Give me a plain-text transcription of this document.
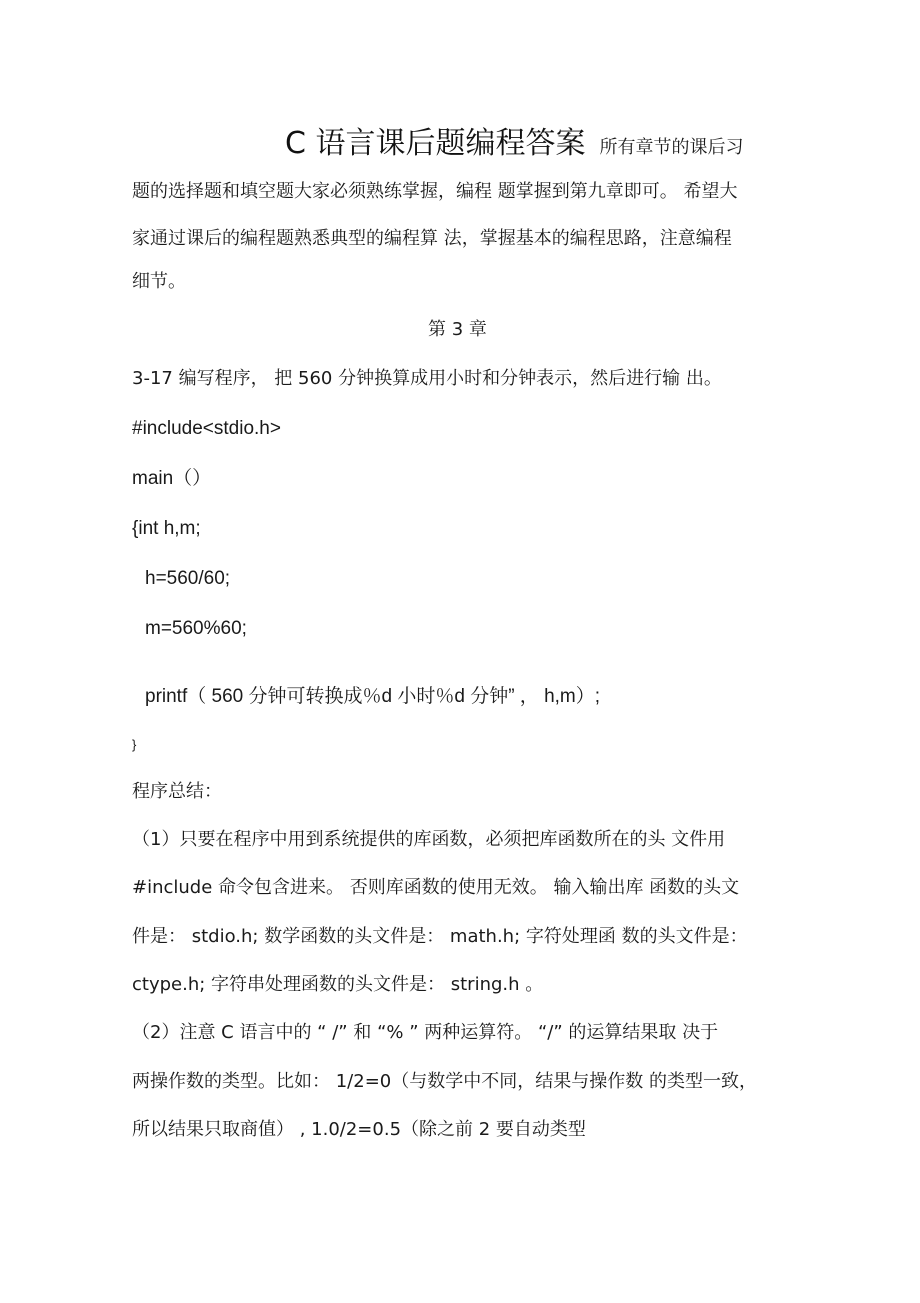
C 语言课后题编程答案 所有章节的课后习
题的选择题和填空题大家必须熟练掌握，编程 题掌握到第九章即可。 希望大
家通过课后的编程题熟悉典型的编程算 法，掌握基本的编程思路，注意编程
细节。
第 3 章
3-17 编写程序， 把 560 分钟换算成用小时和分钟表示，然后进行输 出。
#include<stdio.h>
main（）
{int h,m;
h=560/60;
m=560%60;
printf（ 560 分钟可转换成％d 小时％d 分钟” ， h,m）;
}
程序总结：
（1）只要在程序中用到系统提供的库函数，必须把库函数所在的头 文件用
#include 命令包含进来。 否则库函数的使用无效。 输入输出库 函数的头文
件是： stdio.h; 数学函数的头文件是： math.h; 字符处理函 数的头文件是：
ctype.h; 字符串处理函数的头文件是： string.h 。
（2）注意 C 语言中的 “ /” 和 “% ” 两种运算符。 “/” 的运算结果取 决于
两操作数的类型。比如： 1/2=0（与数学中不同，结果与操作数 的类型一致，
所以结果只取商值） , 1.0/2=0.5（除之前 2 要自动类型
